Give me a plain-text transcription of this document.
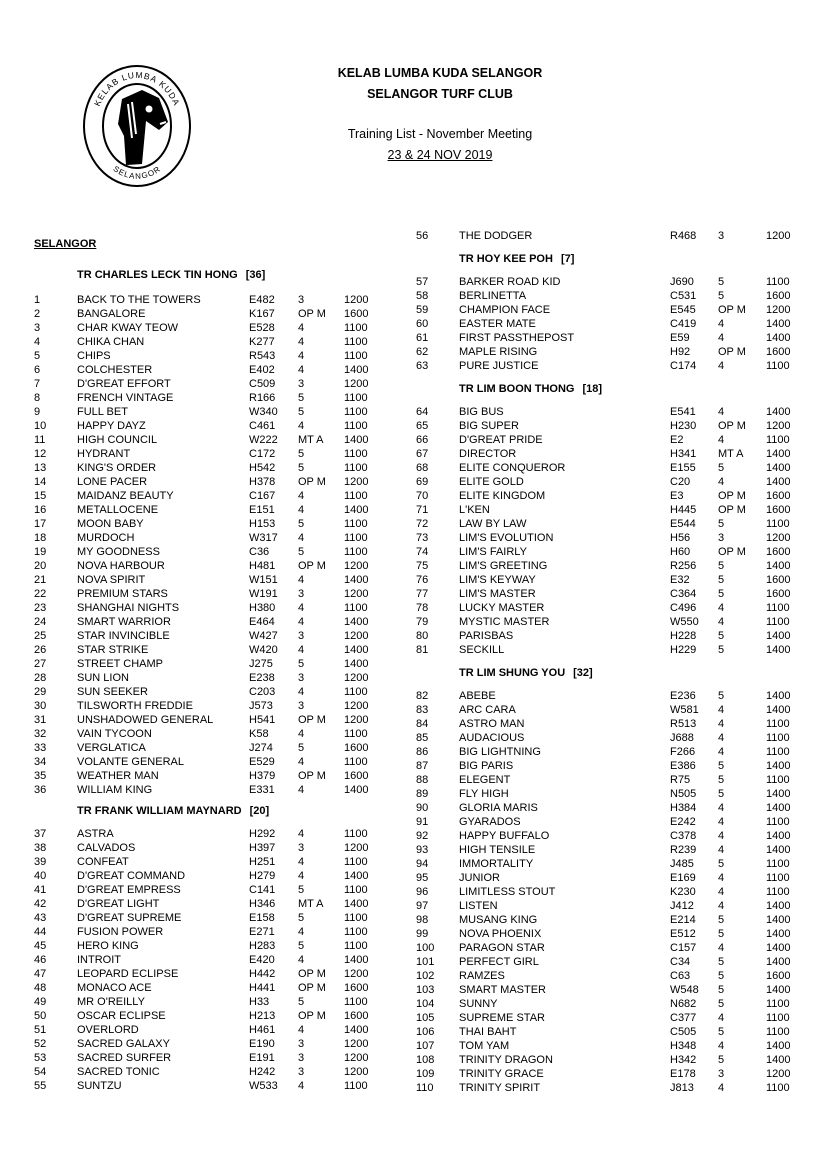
KELAB LUMBA KUDA
SELANGOR
KELAB LUMBA KUDA SELANGOR
SELANGOR TURF CLUB
Training List - November Meeting
23 & 24 NOV 2019
SELANGOR
TR CHARLES LECK TIN HONG [36]
1	BACK TO THE TOWERS	E482 3	1200
2	BANGALORE	K167 OP M 1600
3	CHAR KWAY TEOW	E528 4	1100
4	CHIKA CHAN	K277 4	1100
5	CHIPS	R543 4	1100
6	COLCHESTER	E402 4	1400
7	D'GREAT EFFORT	C509 3	1200
8	FRENCH VINTAGE	R166 5	1100
9	FULL BET	W340 5	1100
10	HAPPY DAYZ	C461 4	1100
11	HIGH COUNCIL	W222 MT A 1400
12	HYDRANT	C172 5	1100
13	KING'S ORDER	H542 5	1100
14	LONE PACER	H378 OP M 1200
15	MAIDANZ BEAUTY	C167 4	1100
16	METALLOCENE	E151 4	1400
17	MOON BABY	H153 5	1100
18	MURDOCH	W317 4	1100
19	MY GOODNESS	C36	5	1100
20	NOVA HARBOUR	H481 OP M 1200
21	NOVA SPIRIT	W151 4	1400
22	PREMIUM STARS	W191 3	1200
23	SHANGHAI NIGHTS	H380 4	1100
24	SMART WARRIOR	E464 4	1400
25	STAR INVINCIBLE	W427 3	1200
26	STAR STRIKE	W420 4	1400
27	STREET CHAMP	J275 5	1400
28	SUN LION	E238 3	1200
29	SUN SEEKER	C203 4	1100
30	TILSWORTH FREDDIE	J573 3	1200
31	UNSHADOWED GENERAL	H541 OP M 1200
32	VAIN TYCOON	K58	4	1100
33	VERGLATICA	J274 5	1600
34	VOLANTE GENERAL	E529 4	1100
35	WEATHER MAN	H379 OP M 1600
36	WILLIAM KING	E331 4	1400
TR FRANK WILLIAM MAYNARD [20]
37	ASTRA	H292 4	1100
38	CALVADOS	H397 3	1200
39	CONFEAT	H251 4	1100
40	D'GREAT COMMAND	H279 4	1400
41	D'GREAT EMPRESS	C141 5	1100
42	D'GREAT LIGHT	H346 MT A 1400
43	D'GREAT SUPREME	E158 5	1100
44	FUSION POWER	E271 4	1100
45	HERO KING	H283 5	1100
46	INTROIT	E420 4	1400
47	LEOPARD ECLIPSE	H442 OP M 1200
48	MONACO ACE	H441 OP M 1600
49	MR O'REILLY	H33	5	1100
50	OSCAR ECLIPSE	H213 OP M 1600
51	OVERLORD	H461 4	1400
52	SACRED GALAXY	E190 3	1200
53	SACRED SURFER	E191 3	1200
54	SACRED TONIC	H242 3	1200
55	SUNTZU	W533 4	1100
56	THE DODGER	R468 3	1200
TR HOY KEE POH [7]
57	BARKER ROAD KID	J690 5	1100
58	BERLINETTA	C531 5	1600
59	CHAMPION FACE	E545 OP M 1200
60	EASTER MATE	C419 4	1400
61	FIRST PASSTHEPOST	E59	4	1400
62	MAPLE RISING	H92	OP M 1600
63	PURE JUSTICE	C174 4	1100
TR LIM BOON THONG [18]
64	BIG BUS	E541 4	1400
65	BIG SUPER	H230 OP M 1200
66	D'GREAT PRIDE	E2	4	1100
67	DIRECTOR	H341 MT A 1400
68	ELITE CONQUEROR	E155 5	1400
69	ELITE GOLD	C20	4	1400
70	ELITE KINGDOM	E3	OP M 1600
71	L'KEN	H445 OP M 1600
72	LAW BY LAW	E544 5	1100
73	LIM'S EVOLUTION	H56	3	1200
74	LIM'S FAIRLY	H60	OP M 1600
75	LIM'S GREETING	R256 5	1400
76	LIM'S KEYWAY	E32	5	1600
77	LIM'S MASTER	C364 5	1600
78	LUCKY MASTER	C496 4	1100
79	MYSTIC MASTER	W550 4	1100
80	PARISBAS	H228 5	1400
81	SECKILL	H229 5	1400
TR LIM SHUNG YOU [32]
82	ABEBE	E236 5	1400
83	ARC CARA	W581 4	1400
84	ASTRO MAN	R513 4	1100
85	AUDACIOUS	J688 4	1100
86	BIG LIGHTNING	F266 4	1100
87	BIG PARIS	E386 5	1400
88	ELEGENT	R75	5	1100
89	FLY HIGH	N505 5	1400
90	GLORIA MARIS	H384 4	1400
91	GYARADOS	E242 4	1100
92	HAPPY BUFFALO	C378 4	1400
93	HIGH TENSILE	R239 4	1400
94	IMMORTALITY	J485 5	1100
95	JUNIOR	E169 4	1100
96	LIMITLESS STOUT	K230 4	1100
97	LISTEN	J412 4	1400
98	MUSANG KING	E214 5	1400
99	NOVA PHOENIX	E512 5	1400
100 PARAGON STAR	C157 4	1400
101 PERFECT GIRL	C34	5	1400
102 RAMZES	C63	5	1600
103 SMART MASTER	W548 5	1400
104 SUNNY	N682 5	1100
105 SUPREME STAR	C377 4	1100
106 THAI BAHT	C505 5	1100
107 TOM YAM	H348 4	1400
108 TRINITY DRAGON	H342 5	1400
109 TRINITY GRACE	E178 3	1200
110 TRINITY SPIRIT	J813 4	1100
